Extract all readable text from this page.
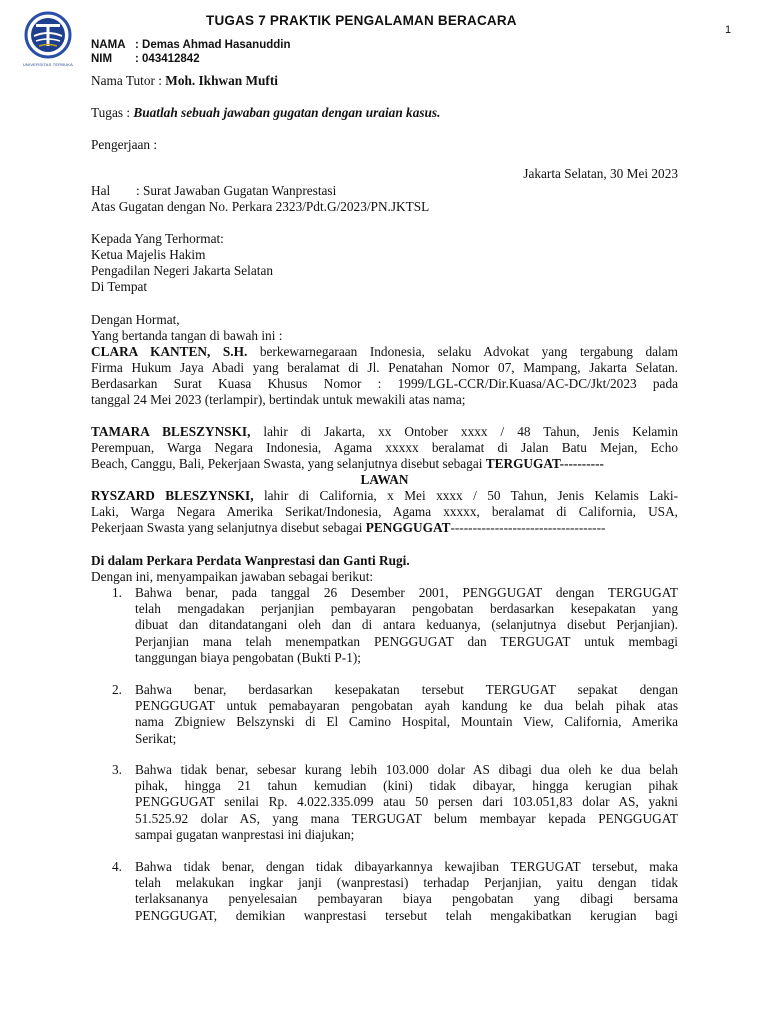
UNIVERSITAS TERBUKA
TUGAS 7 PRAKTIK PENGALAMAN BERACARA
1
NAMA : Demas Ahmad Hasanuddin
NIM : 043412842
Nama Tutor : Moh. Ikhwan Mufti
Tugas : Buatlah sebuah jawaban gugatan dengan uraian kasus.
Pengerjaan :
Jakarta Selatan, 30 Mei 2023
Hal : Surat Jawaban Gugatan Wanprestasi
Atas Gugatan dengan No. Perkara 2323/Pdt.G/2023/PN.JKTSL
Kepada Yang Terhormat:
Ketua Majelis Hakim
Pengadilan Negeri Jakarta Selatan
Di Tempat
Dengan Hormat,
Yang bertanda tangan di bawah ini :
CLARA KANTEN, S.H. berkewarnegaraan Indonesia, selaku Advokat yang tergabung dalam
Firma Hukum Jaya Abadi yang beralamat di Jl. Penatahan Nomor 07, Mampang, Jakarta Selatan.
Berdasarkan Surat Kuasa Khusus Nomor : 1999/LGL-CCR/Dir.Kuasa/AC-DC/Jkt/2023 pada
tanggal 24 Mei 2023 (terlampir), bertindak untuk mewakili atas nama;
TAMARA BLESZYNSKI, lahir di Jakarta, xx Ontober xxxx / 48 Tahun, Jenis Kelamin
Perempuan, Warga Negara Indonesia, Agama xxxxx beralamat di Jalan Batu Mejan, Echo
Beach, Canggu, Bali, Pekerjaan Swasta, yang selanjutnya disebut sebagai TERGUGAT----------
LAWAN
RYSZARD BLESZYNSKI, lahir di California, x Mei xxxx / 50 Tahun, Jenis Kelamis Laki-
Laki, Warga Negara Amerika Serikat/Indonesia, Agama xxxxx, beralamat di California, USA,
Pekerjaan Swasta yang selanjutnya disebut sebagai PENGGUGAT-----------------------------------
Di dalam Perkara Perdata Wanprestasi dan Ganti Rugi.
Dengan ini, menyampaikan jawaban sebagai berikut:
1. Bahwa benar, pada tanggal 26 Desember 2001, PENGGUGAT dengan TERGUGAT
telah mengadakan perjanjian pembayaran pengobatan berdasarkan kesepakatan yang
dibuat dan ditandatangani oleh dan di antara keduanya, (selanjutnya disebut Perjanjian).
Perjanjian mana telah menempatkan PENGGUGAT dan TERGUGAT untuk membagi
tanggungan biaya pengobatan (Bukti P-1);
2. Bahwa benar, berdasarkan kesepakatan tersebut TERGUGAT sepakat dengan
PENGGUGAT untuk pemabayaran pengobatan ayah kandung ke dua belah pihak atas
nama Zbigniew Belszynski di El Camino Hospital, Mountain View, California, Amerika
Serikat;
3. Bahwa tidak benar, sebesar kurang lebih 103.000 dolar AS dibagi dua oleh ke dua belah
pihak, hingga 21 tahun kemudian (kini) tidak dibayar, hingga kerugian pihak
PENGGUGAT senilai Rp. 4.022.335.099 atau 50 persen dari 103.051,83 dolar AS, yakni
51.525.92 dolar AS, yang mana TERGUGAT belum membayar kepada PENGGUGAT
sampai gugatan wanprestasi ini diajukan;
4. Bahwa tidak benar, dengan tidak dibayarkannya kewajiban TERGUGAT tersebut, maka
telah melakukan ingkar janji (wanprestasi) terhadap Perjanjian, yaitu dengan tidak
terlaksananya penyelesaian pembayaran biaya pengobatan yang dibagi bersama
PENGGUGAT, demikian wanprestasi tersebut telah mengakibatkan kerugian bagi
